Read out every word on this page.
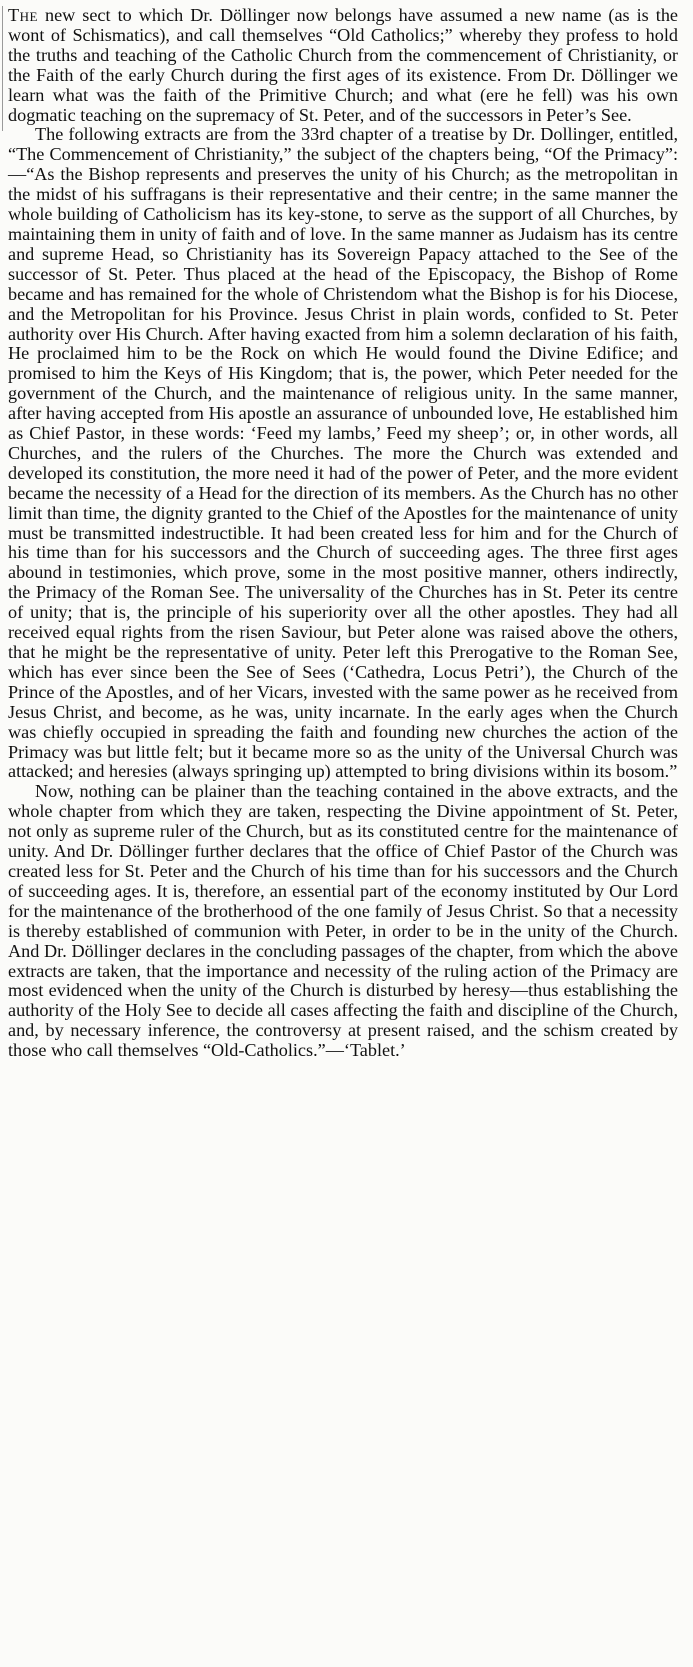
The new sect to which Dr. Döllinger now belongs have assumed a new name (as is the wont of Schismatics), and call themselves “Old Catholics;” whereby they profess to hold the truths and teaching of the Catholic Church from the commencement of Christianity, or the Faith of the early Church during the first ages of its existence. From Dr. Döllinger we learn what was the faith of the Primitive Church; and what (ere he fell) was his own dogmatic teaching on the supremacy of St. Peter, and of the successors in Peter’s See.

The following extracts are from the 33rd chapter of a treatise by Dr. Dollinger, entitled, “The Commencement of Christianity,” the subject of the chapters being, “Of the Primacy”:—“As the Bishop represents and preserves the unity of his Church; as the metropolitan in the midst of his suffragans is their representative and their centre; in the same manner the whole building of Catholicism has its key-stone, to serve as the support of all Churches, by maintaining them in unity of faith and of love. In the same manner as Judaism has its centre and supreme Head, so Christianity has its Sovereign Papacy attached to the See of the successor of St. Peter. Thus placed at the head of the Episcopacy, the Bishop of Rome became and has remained for the whole of Christendom what the Bishop is for his Diocese, and the Metropolitan for his Province. Jesus Christ in plain words, confided to St. Peter authority over His Church. After having exacted from him a solemn declaration of his faith, He proclaimed him to be the Rock on which He would found the Divine Edifice; and promised to him the Keys of His Kingdom; that is, the power, which Peter needed for the government of the Church, and the maintenance of religious unity. In the same manner, after having accepted from His apostle an assurance of unbounded love, He established him as Chief Pastor, in these words: ‘Feed my lambs,’ Feed my sheep’; or, in other words, all Churches, and the rulers of the Churches. The more the Church was extended and developed its constitution, the more need it had of the power of Peter, and the more evident became the necessity of a Head for the direction of its members. As the Church has no other limit than time, the dignity granted to the Chief of the Apostles for the maintenance of unity must be transmitted indestructible. It had been created less for him and for the Church of his time than for his successors and the Church of succeeding ages. The three first ages abound in testimonies, which prove, some in the most positive manner, others indirectly, the Primacy of the Roman See. The universality of the Churches has in St. Peter its centre of unity; that is, the principle of his superiority over all the other apostles. They had all received equal rights from the risen Saviour, but Peter alone was raised above the others, that he might be the representative of unity. Peter left this Prerogative to the Roman See, which has ever since been the See of Sees (‘Cathedra, Locus Petri’), the Church of the Prince of the Apostles, and of her Vicars, invested with the same power as he received from Jesus Christ, and become, as he was, unity incarnate. In the early ages when the Church was chiefly occupied in spreading the faith and founding new churches the action of the Primacy was but little felt; but it became more so as the unity of the Universal Church was attacked; and heresies (always springing up) attempted to bring divisions within its bosom.”

Now, nothing can be plainer than the teaching contained in the above extracts, and the whole chapter from which they are taken, respecting the Divine appointment of St. Peter, not only as supreme ruler of the Church, but as its constituted centre for the maintenance of unity. And Dr. Döllinger further declares that the office of Chief Pastor of the Church was created less for St. Peter and the Church of his time than for his successors and the Church of succeeding ages. It is, therefore, an essential part of the economy instituted by Our Lord for the maintenance of the brotherhood of the one family of Jesus Christ. So that a necessity is thereby established of communion with Peter, in order to be in the unity of the Church. And Dr. Döllinger declares in the concluding passages of the chapter, from which the above extracts are taken, that the importance and necessity of the ruling action of the Primacy are most evidenced when the unity of the Church is disturbed by heresy—thus establishing the authority of the Holy See to decide all cases affecting the faith and discipline of the Church, and, by necessary inference, the controversy at present raised, and the schism created by those who call themselves “Old-Catholics.”—‘Tablet.’
